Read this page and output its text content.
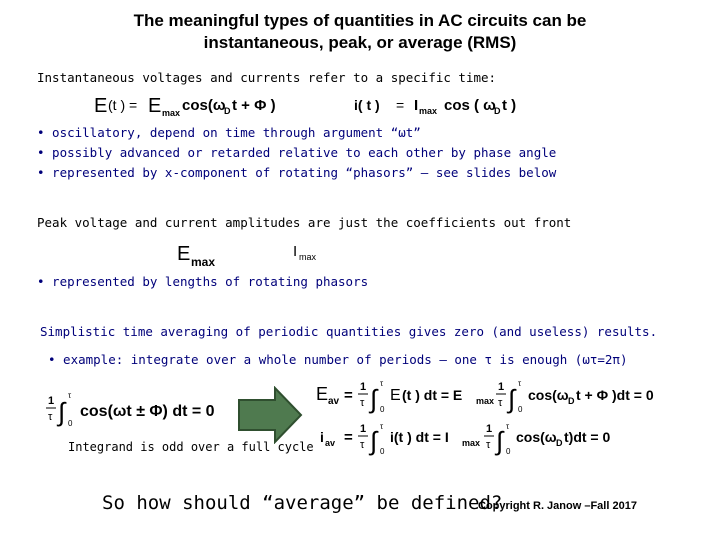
The meaningful types of quantities in AC circuits can be
instantaneous, peak, or average (RMS)
Instantaneous voltages and currents refer to a specific time:
E (t ) = E max cos(ω
D t + Φ )	i( t ) = I max cos ( ω
D t )
• oscillatory, depend on time through argument “ωt”
• possibly advanced or retarded relative to each other by phase angle
• represented by x-component of rotating “phasors” – see slides below
Peak voltage and current amplitudes are just the coefficients out front
E max
I max
• represented by lengths of rotating phasors
Simplistic time averaging of periodic quantities gives zero (and useless) results.
• example: integrate over a whole number of periods – one τ is enough (ωτ=2π)
1
τ ∫
τ
0
cos(ωt ± Φ) dt = 0
Integrand is odd over a full cycle
E av = 1
τ ∫
τ
0
E (t ) dt = E max
1
τ ∫
τ
0
cos(ω D t + Φ )dt = 0
i av = 1
τ ∫ τ
0
i(t ) dt = I max
1
τ ∫ τ
0
cos(ω D t)dt = 0
So how should “average” be defined?
Copyright R. Janow –Fall 2017
